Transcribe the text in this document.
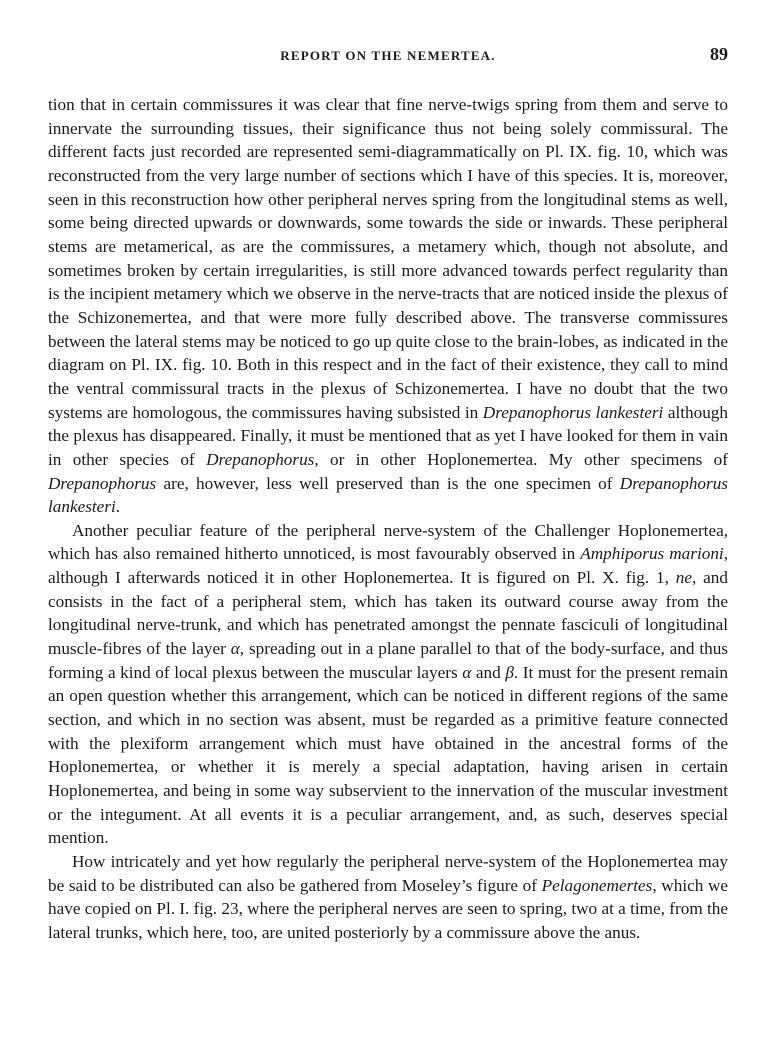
REPORT ON THE NEMERTEA.	89

tion that in certain commissures it was clear that fine nerve-twigs spring from them and serve to innervate the surrounding tissues, their significance thus not being solely commissural. The different facts just recorded are represented semi-diagrammatically on Pl. IX. fig. 10, which was reconstructed from the very large number of sections which I have of this species. It is, moreover, seen in this reconstruction how other peripheral nerves spring from the longitudinal stems as well, some being directed upwards or downwards, some towards the side or inwards. These peripheral stems are metamerical, as are the commissures, a metamery which, though not absolute, and sometimes broken by certain irregularities, is still more advanced towards perfect regularity than is the incipient metamery which we observe in the nerve-tracts that are noticed inside the plexus of the Schizonemertea, and that were more fully described above. The transverse commissures between the lateral stems may be noticed to go up quite close to the brain-lobes, as indicated in the diagram on Pl. IX. fig. 10. Both in this respect and in the fact of their existence, they call to mind the ventral commissural tracts in the plexus of Schizonemertea. I have no doubt that the two systems are homologous, the commissures having subsisted in Drepanophorus lankesteri although the plexus has disappeared. Finally, it must be mentioned that as yet I have looked for them in vain in other species of Drepanophorus, or in other Hoplonemertea. My other specimens of Drepanophorus are, however, less well preserved than is the one specimen of Drepanophorus lankesteri.

Another peculiar feature of the peripheral nerve-system of the Challenger Hoplonemertea, which has also remained hitherto unnoticed, is most favourably observed in Amphiporus marioni, although I afterwards noticed it in other Hoplonemertea. It is figured on Pl. X. fig. 1, ne, and consists in the fact of a peripheral stem, which has taken its outward course away from the longitudinal nerve-trunk, and which has penetrated amongst the pennate fasciculi of longitudinal muscle-fibres of the layer α, spreading out in a plane parallel to that of the body-surface, and thus forming a kind of local plexus between the muscular layers α and β. It must for the present remain an open question whether this arrangement, which can be noticed in different regions of the same section, and which in no section was absent, must be regarded as a primitive feature connected with the plexiform arrangement which must have obtained in the ancestral forms of the Hoplonemertea, or whether it is merely a special adaptation, having arisen in certain Hoplonemertea, and being in some way subservient to the innervation of the muscular investment or the integument. At all events it is a peculiar arrangement, and, as such, deserves special mention.

How intricately and yet how regularly the peripheral nerve-system of the Hoplonemertea may be said to be distributed can also be gathered from Moseley’s figure of Pelagonemertes, which we have copied on Pl. I. fig. 23, where the peripheral nerves are seen to spring, two at a time, from the lateral trunks, which here, too, are united posteriorly by a commissure above the anus.
